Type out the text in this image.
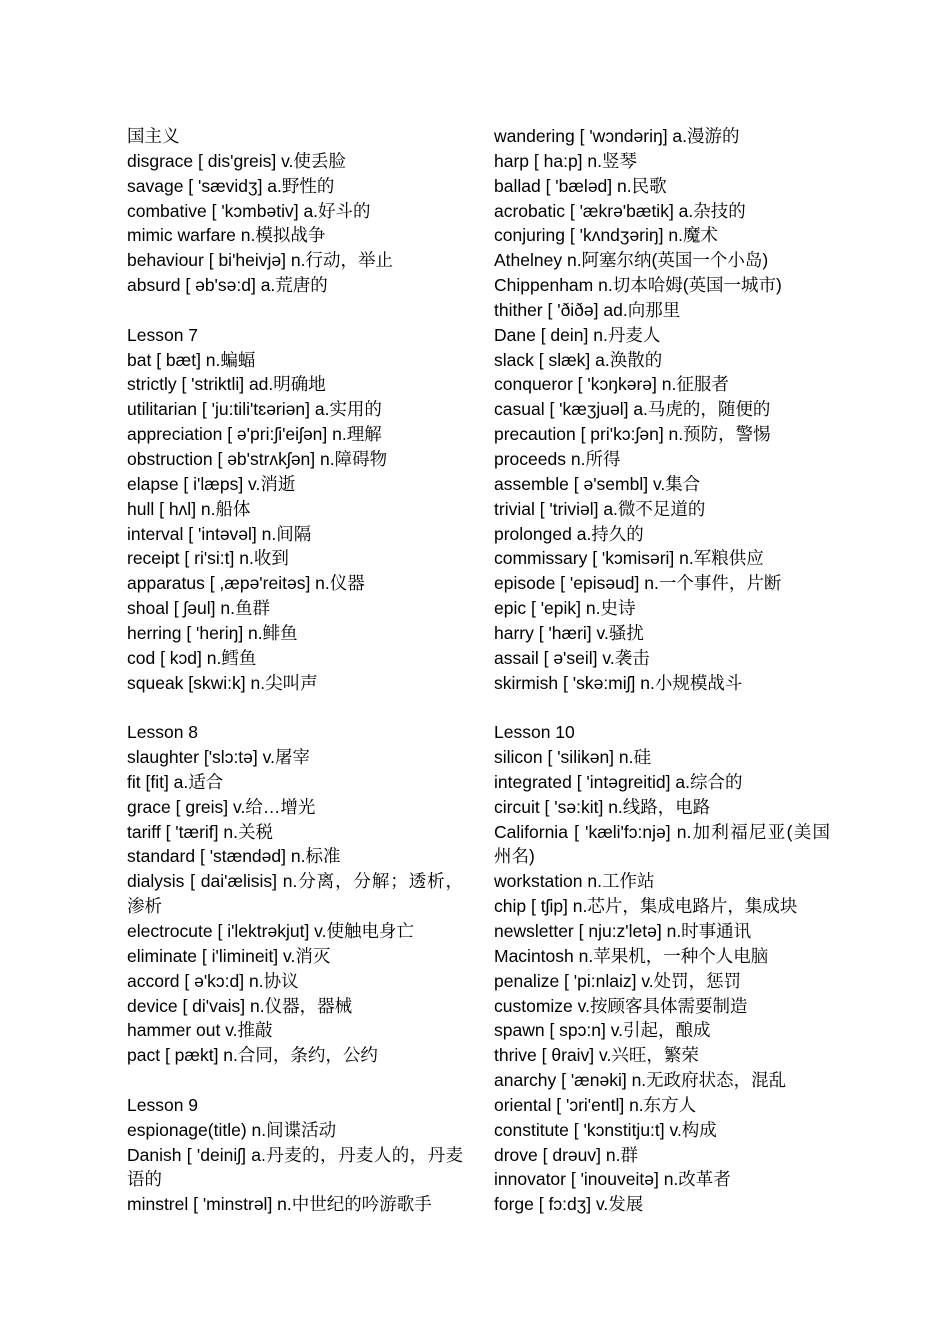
国主义
disgrace [ dis'greis] v.使丢脸
savage [ 'sævidʒ] a.野性的
combative [ 'kɔmbətiv] a.好斗的
mimic warfare n.模拟战争
behaviour [ bi'heivjə] n.行动，举止
absurd [ əb'sə:d] a.荒唐的
Lesson 7
bat [ bæt] n.蝙蝠
strictly [ 'striktli] ad.明确地
utilitarian [ 'ju:tili'tɛəriən] a.实用的
appreciation [ ə'pri:ʃi'eiʃən] n.理解
obstruction [ əb'strʌkʃən] n.障碍物
elapse [ i'læps] v.消逝
hull [ hʌl] n.船体
interval [ 'intəvəl] n.间隔
receipt [ ri'si:t] n.收到
apparatus [ ,æpə'reitəs] n.仪器
shoal [ ʃəul] n.鱼群
herring [ 'heriŋ] n.鲱鱼
cod [ kɔd] n.鳕鱼
squeak [skwi:k] n.尖叫声
Lesson 8
slaughter ['slɔ:tə] v.屠宰
fit [fit] a.适合
grace [ greis] v.给…增光
tariff [ 'tærif] n.关税
standard [ 'stændəd] n.标准
dialysis [ dai'ælisis] n.分离，分解；透析，渗析
electrocute [ i'lektrəkjut] v.使触电身亡
eliminate [ i'limineit] v.消灭
accord [ ə'kɔ:d] n.协议
device [ di'vais] n.仪器，器械
hammer out v.推敲
pact [ pækt] n.合同，条约，公约
Lesson 9
espionage(title) n.间谍活动
Danish [ 'deiniʃ] a.丹麦的，丹麦人的，丹麦语的
minstrel [ 'minstrəl] n.中世纪的吟游歌手
wandering [ 'wɔndəriŋ] a.漫游的
harp [ ha:p] n.竖琴
ballad [ 'bæləd] n.民歌
acrobatic [ 'ækrə'bætik] a.杂技的
conjuring [ 'kʌndʒəriŋ] n.魔术
Athelney n.阿塞尔纳(英国一个小岛)
Chippenham n.切本哈姆(英国一城市)
thither [ 'ðiðə] ad.向那里
Dane [ dein] n.丹麦人
slack [ slæk] a.涣散的
conqueror [ 'kɔŋkərə] n.征服者
casual [ 'kæʒjuəl] a.马虎的，随便的
precaution [ pri'kɔ:ʃən] n.预防，警惕
proceeds n.所得
assemble [ ə'sembl] v.集合
trivial [ 'triviəl] a.微不足道的
prolonged a.持久的
commissary [ 'kɔmisəri] n.军粮供应
episode [ 'episəud] n.一个事件，片断
epic [ 'epik] n.史诗
harry [ 'hæri] v.骚扰
assail [ ə'seil] v.袭击
skirmish [ 'skə:miʃ] n.小规模战斗
Lesson 10
silicon [ 'silikən] n.硅
integrated [ 'intəgreitid] a.综合的
circuit [ 'sə:kit] n.线路，电路
California [ 'kæli'fɔ:njə] n.加利福尼亚(美国州名)
workstation n.工作站
chip [ tʃip] n.芯片，集成电路片，集成块
newsletter [ nju:z'letə] n.时事通讯
Macintosh n.苹果机，一种个人电脑
penalize [ 'pi:nlaiz] v.处罚，惩罚
customize v.按顾客具体需要制造
spawn [ spɔ:n] v.引起，酿成
thrive [ θraiv] v.兴旺，繁荣
anarchy [ 'ænəki] n.无政府状态，混乱
oriental [ 'ɔri'entl] n.东方人
constitute [ 'kɔnstitju:t] v.构成
drove [ drəuv] n.群
innovator [ 'inouveitə] n.改革者
forge [ fɔ:dʒ] v.发展
